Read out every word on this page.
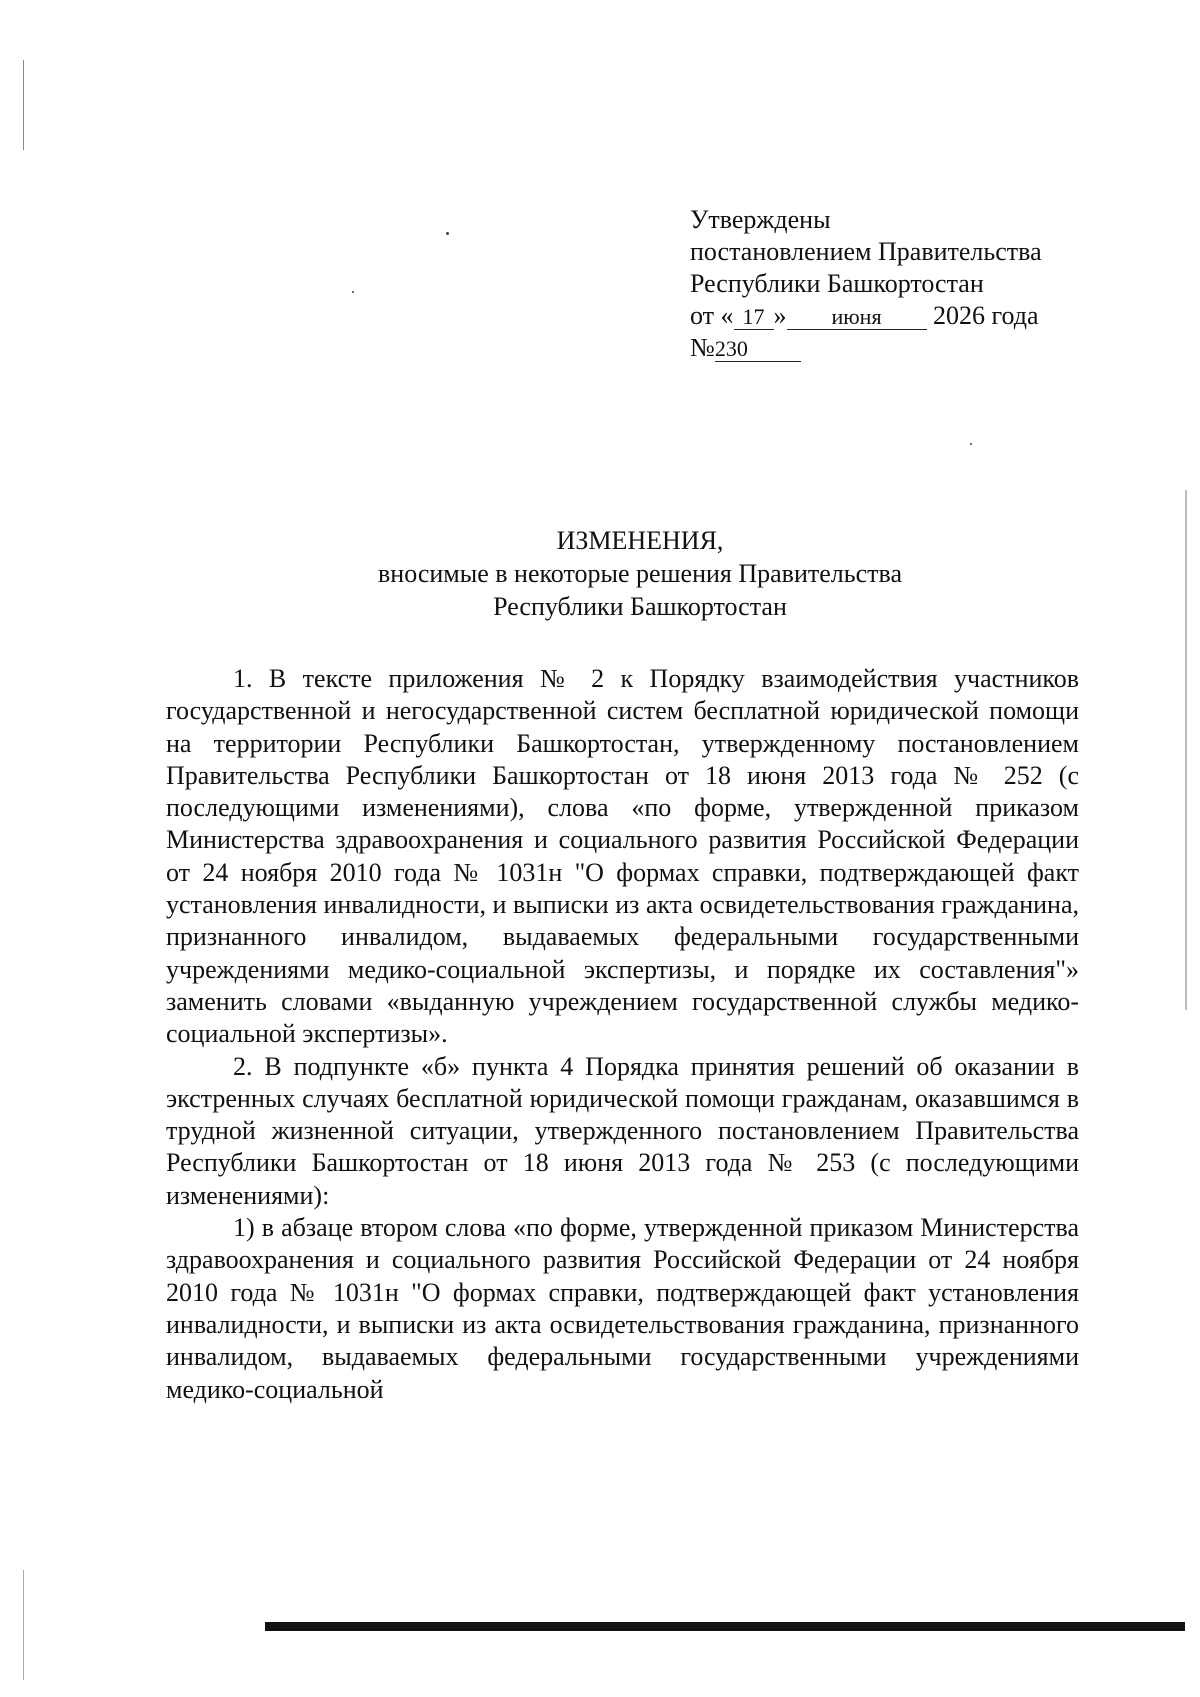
Утверждены
постановлением Правительства
Республики Башкортостан
от « 17 » июня 2026 года
№230
ИЗМЕНЕНИЯ,
вносимые в некоторые решения Правительства
Республики Башкортостан

1. В тексте приложения № 2 к Порядку взаимодействия участников государственной и негосударственной систем бесплатной юридической помощи на территории Республики Башкортостан, утвержденному постановлением Правительства Республики Башкортостан от 18 июня 2013 года № 252 (с последующими изменениями), слова «по форме, утвержденной приказом Министерства здравоохранения и социального развития Российской Федерации от 24 ноября 2010 года № 1031н "О формах справки, подтверждающей факт установления инвалидности, и выписки из акта освидетельствования гражданина, признанного инвалидом, выдаваемых федеральными государственными учреждениями медико-социальной экспертизы, и порядке их составления"» заменить словами «выданную учреждением государственной службы медико-социальной экспертизы».

2. В подпункте «б» пункта 4 Порядка принятия решений об оказании в экстренных случаях бесплатной юридической помощи гражданам, оказавшимся в трудной жизненной ситуации, утвержденного постановлением Правительства Республики Башкортостан от 18 июня 2013 года № 253 (с последующими изменениями):

1) в абзаце втором слова «по форме, утвержденной приказом Министерства здравоохранения и социального развития Российской Федерации от 24 ноября 2010 года № 1031н "О формах справки, подтверждающей факт установления инвалидности, и выписки из акта освидетельствования гражданина, признанного инвалидом, выдаваемых федеральными государственными учреждениями медико-социальной
